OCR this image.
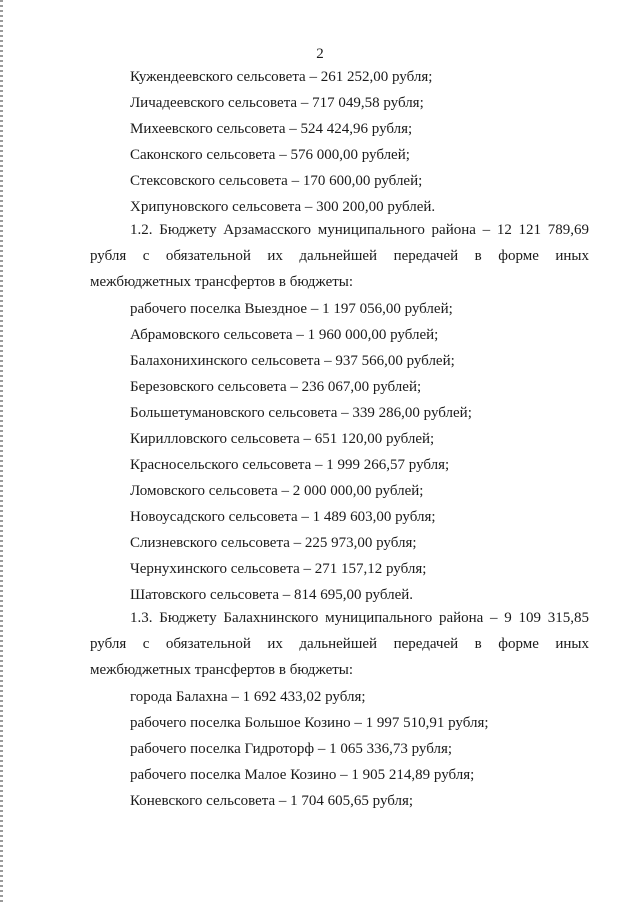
2
Кужендеевского сельсовета – 261 252,00 рубля;
Личадеевского сельсовета – 717 049,58 рубля;
Михеевского сельсовета – 524 424,96 рубля;
Саконского сельсовета – 576 000,00 рублей;
Стексовского сельсовета – 170 600,00 рублей;
Хрипуновского сельсовета – 300 200,00 рублей.
1.2. Бюджету Арзамасского муниципального района – 12 121 789,69
рубля с обязательной их дальнейшей передачей в форме иных
межбюджетных трансфертов в бюджеты:
рабочего поселка Выездное – 1 197 056,00 рублей;
Абрамовского сельсовета – 1 960 000,00 рублей;
Балахонихинского сельсовета – 937 566,00 рублей;
Березовского сельсовета – 236 067,00 рублей;
Большетумановского сельсовета – 339 286,00 рублей;
Кирилловского сельсовета – 651 120,00 рублей;
Красносельского сельсовета – 1 999 266,57 рубля;
Ломовского сельсовета – 2 000 000,00 рублей;
Новоусадского сельсовета – 1 489 603,00 рубля;
Слизневского сельсовета – 225 973,00 рубля;
Чернухинского сельсовета – 271 157,12 рубля;
Шатовского сельсовета – 814 695,00 рублей.
1.3. Бюджету Балахнинского муниципального района – 9 109 315,85
рубля с обязательной их дальнейшей передачей в форме иных
межбюджетных трансфертов в бюджеты:
города Балахна – 1 692 433,02 рубля;
рабочего поселка Большое Козино – 1 997 510,91 рубля;
рабочего поселка Гидроторф – 1 065 336,73 рубля;
рабочего поселка Малое Козино – 1 905 214,89 рубля;
Коневского сельсовета – 1 704 605,65 рубля;
